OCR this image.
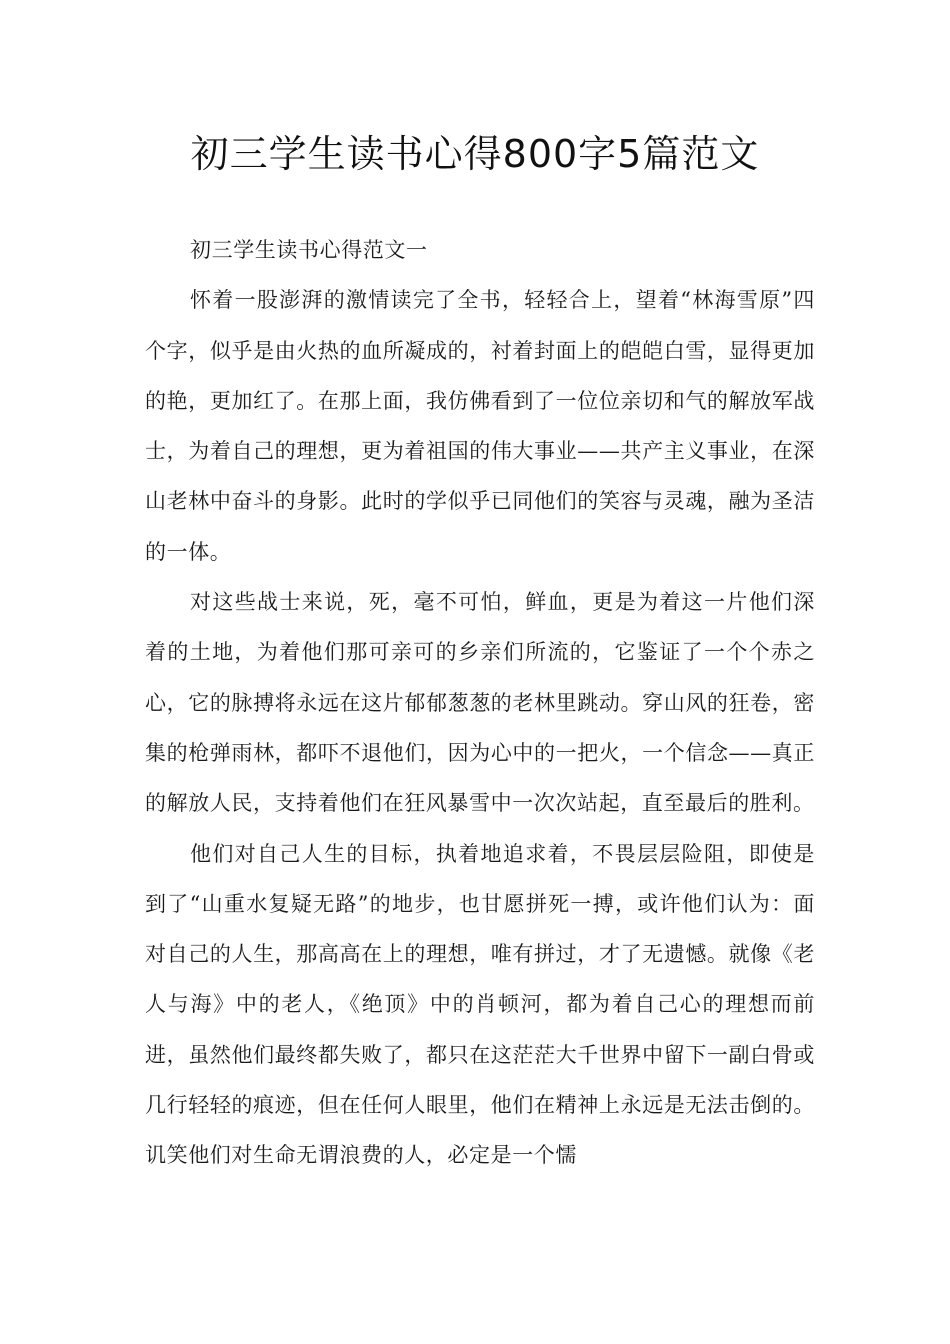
初三学生读书心得800字5篇范文

初三学生读书心得范文一

怀着一股澎湃的激情读完了全书，轻轻合上，望着“林海雪原”四个字，似乎是由火热的血所凝成的，衬着封面上的皑皑白雪，显得更加的艳，更加红了。在那上面，我仿佛看到了一位位亲切和气的解放军战士，为着自己的理想，更为着祖国的伟大事业——共产主义事业，在深山老林中奋斗的身影。此时的学似乎已同他们的笑容与灵魂，融为圣洁的一体。

对这些战士来说，死，毫不可怕，鲜血，更是为着这一片他们深着的土地，为着他们那可亲可的乡亲们所流的，它鉴证了一个个赤之心，它的脉搏将永远在这片郁郁葱葱的老林里跳动。穿山风的狂卷，密集的枪弹雨林，都吓不退他们，因为心中的一把火，一个信念——真正的解放人民，支持着他们在狂风暴雪中一次次站起，直至最后的胜利。

他们对自己人生的目标，执着地追求着，不畏层层险阻，即使是到了“山重水复疑无路”的地步，也甘愿拼死一搏，或许他们认为：面对自己的人生，那高高在上的理想，唯有拼过，才了无遗憾。就像《老人与海》中的老人，《绝顶》中的肖顿河，都为着自己心的理想而前进，虽然他们最终都失败了，都只在这茫茫大千世界中留下一副白骨或几行轻轻的痕迹，但在任何人眼里，他们在精神上永远是无法击倒的。讥笑他们对生命无谓浪费的人，必定是一个懦
